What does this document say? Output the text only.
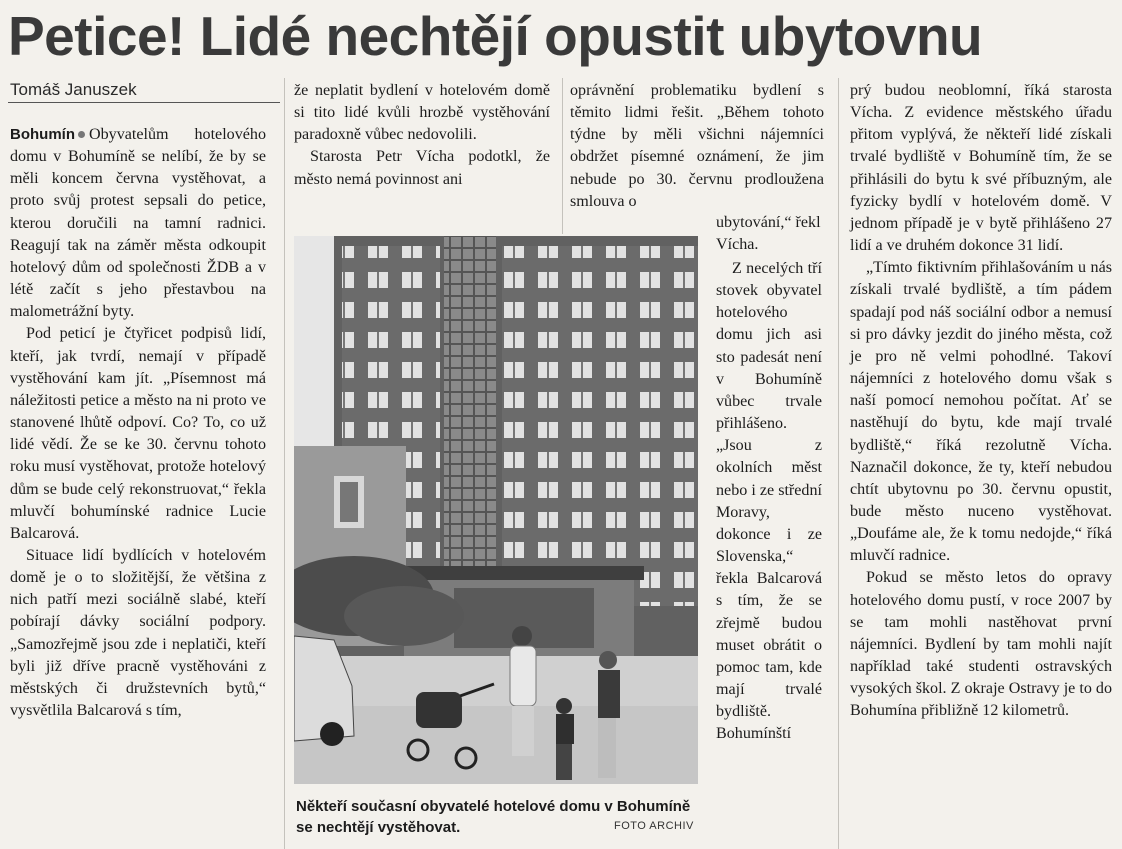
Petice! Lidé nechtějí opustit ubytovnu
Tomáš Januszek

Bohumín Obyvatelům hotelového domu v Bohumíně se nelíbí, že by se měli koncem června vystěhovat, a proto svůj protest sepsali do petice, kterou doručili na tamní radnici. Reagují tak na záměr města odkoupit hotelový dům od společnosti ŽDB a v létě začít s jeho přestavbou na malometrážní byty.

Pod peticí je čtyřicet podpisů lidí, kteří, jak tvrdí, nemají v případě vystěhování kam jít. „Písemnost má náležitosti petice a město na ni proto ve stanovené lhůtě odpoví. Co? To, co už lidé vědí. Že se ke 30. červnu tohoto roku musí vystěhovat, protože hotelový dům se bude celý rekonstruovat,“ řekla mluvčí bohumínské radnice Lucie Balcarová.

Situace lidí bydlících v hotelovém domě je o to složitější, že většina z nich patří mezi sociálně slabé, kteří pobírají dávky sociální podpory. „Samozřejmě jsou zde i neplatiči, kteří byli již dříve pracně vystěhováni z městských či družstevních bytů,“ vysvětlila Balcarová s tím,

že neplatit bydlení v hotelovém domě si tito lidé kvůli hrozbě vystěhování paradoxně vůbec nedovolili.

Starosta Petr Vícha podotkl, že město nemá povinnost ani

oprávnění problematiku bydlení s těmito lidmi řešit. „Během tohoto týdne by měli všichni nájemníci obdržet písemné oznámení, že jim nebude po 30. červnu prodloužena smlouva o

ubytování,“ řekl Vícha.

Z necelých tří stovek obyvatel hotelového domu jich asi sto padesát není v Bohumíně vůbec trvale přihlášeno. „Jsou z okolních měst nebo i ze střední Moravy, dokonce i ze Slovenska,“ řekla Balcarová s tím, že se zřejmě budou muset obrátit o pomoc tam, kde mají trvalé bydliště. Bohumínští

prý budou neoblomní, říká starosta Vícha. Z evidence městského úřadu přitom vyplývá, že někteří lidé získali trvalé bydliště v Bohumíně tím, že se přihlásili do bytu k své příbuzným, ale fyzicky bydlí v hotelovém domě. V jednom případě je v bytě přihlášeno 27 lidí a ve druhém dokonce 31 lidí.

„Tímto fiktivním přihlašováním u nás získali trvalé bydliště, a tím pádem spadají pod náš sociální odbor a nemusí si pro dávky jezdit do jiného města, což je pro ně velmi pohodlné. Takoví nájemníci z hotelového domu však s naší pomocí nemohou počítat. Ať se nastěhují do bytu, kde mají trvalé bydliště,“ říká rezolutně Vícha. Naznačil dokonce, že ty, kteří nebudou chtít ubytovnu po 30. červnu opustit, bude město nuceno vystěhovat. „Doufáme ale, že k tomu nedojde,“ říká mluvčí radnice.

Pokud se město letos do opravy hotelového domu pustí, v roce 2007 by se tam mohli nastěhovat první nájemníci. Bydlení by tam mohli najít například také studenti ostravských vysokých škol. Z okraje Ostravy je to do Bohumína přibližně 12 kilometrů.

Někteří současní obyvatelé hotelové domu v Bohumíně se nechtějí vystěhovat.	FOTO ARCHIV
